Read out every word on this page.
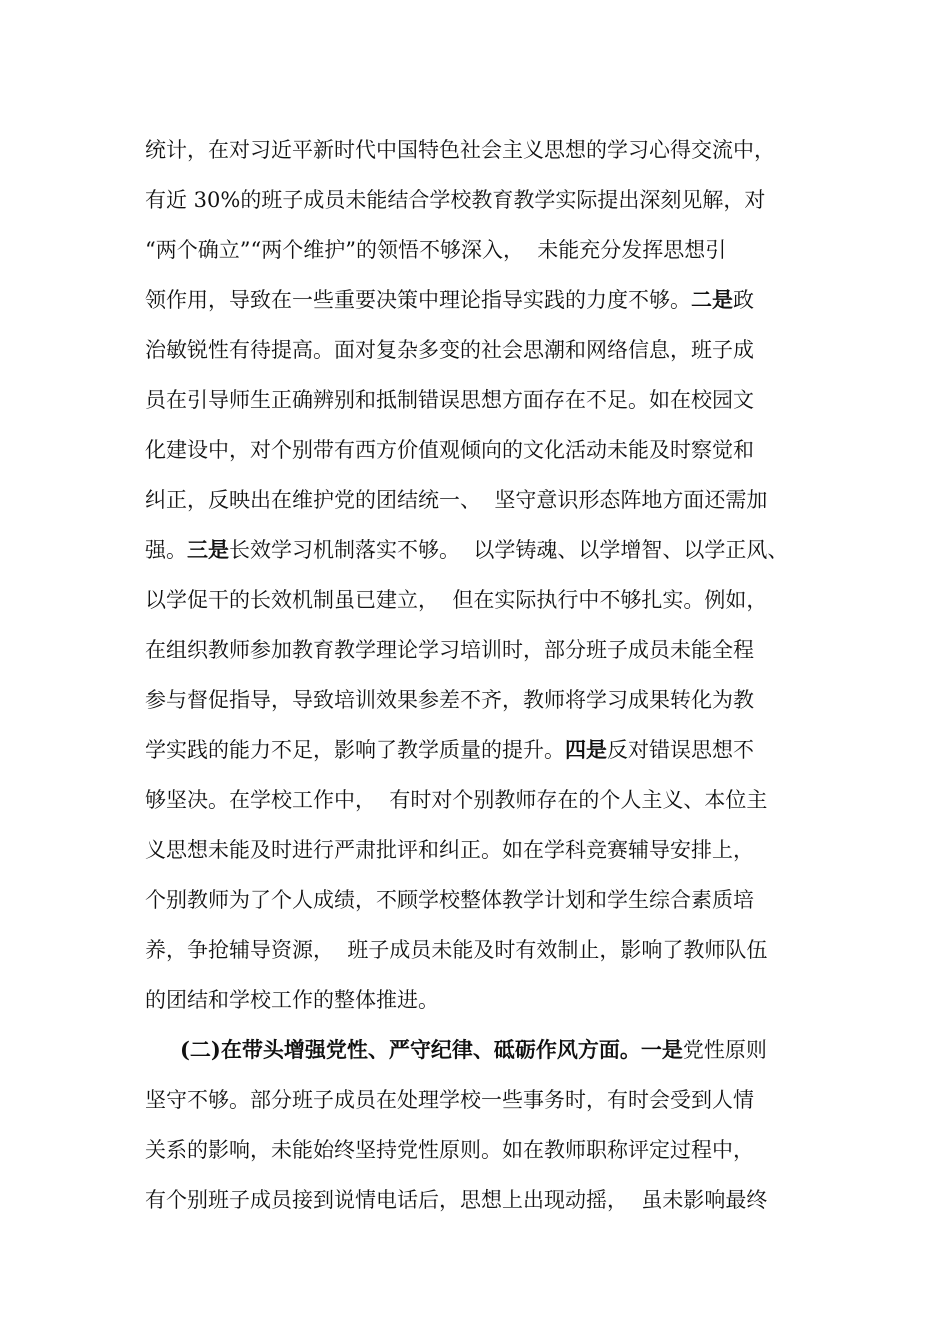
统计，在对习近平新时代中国特色社会主义思想的学习心得交流中，
有近 30%的班子成员未能结合学校教育教学实际提出深刻见解，对
“两个确立”“两个维护”的领悟不够深入，  未能充分发挥思想引
领作用，导致在一些重要决策中理论指导实践的力度不够。二是政
治敏锐性有待提高。面对复杂多变的社会思潮和网络信息，班子成
员在引导师生正确辨别和抵制错误思想方面存在不足。如在校园文
化建设中，对个别带有西方价值观倾向的文化活动未能及时察觉和
纠正，反映出在维护党的团结统一、  坚守意识形态阵地方面还需加
强。三是长效学习机制落实不够。  以学铸魂、以学增智、以学正风、
以学促干的长效机制虽已建立，  但在实际执行中不够扎实。例如，
在组织教师参加教育教学理论学习培训时，部分班子成员未能全程
参与督促指导，导致培训效果参差不齐，教师将学习成果转化为教
学实践的能力不足，影响了教学质量的提升。四是反对错误思想不
够坚决。在学校工作中，  有时对个别教师存在的个人主义、本位主
义思想未能及时进行严肃批评和纠正。如在学科竞赛辅导安排上，
个别教师为了个人成绩，不顾学校整体教学计划和学生综合素质培
养，争抢辅导资源，  班子成员未能及时有效制止，影响了教师队伍
的团结和学校工作的整体推进。
(二)在带头增强党性、严守纪律、砥砺作风方面。一是党性原则
坚守不够。部分班子成员在处理学校一些事务时，有时会受到人情
关系的影响，未能始终坚持党性原则。如在教师职称评定过程中，
有个别班子成员接到说情电话后，思想上出现动摇，  虽未影响最终
